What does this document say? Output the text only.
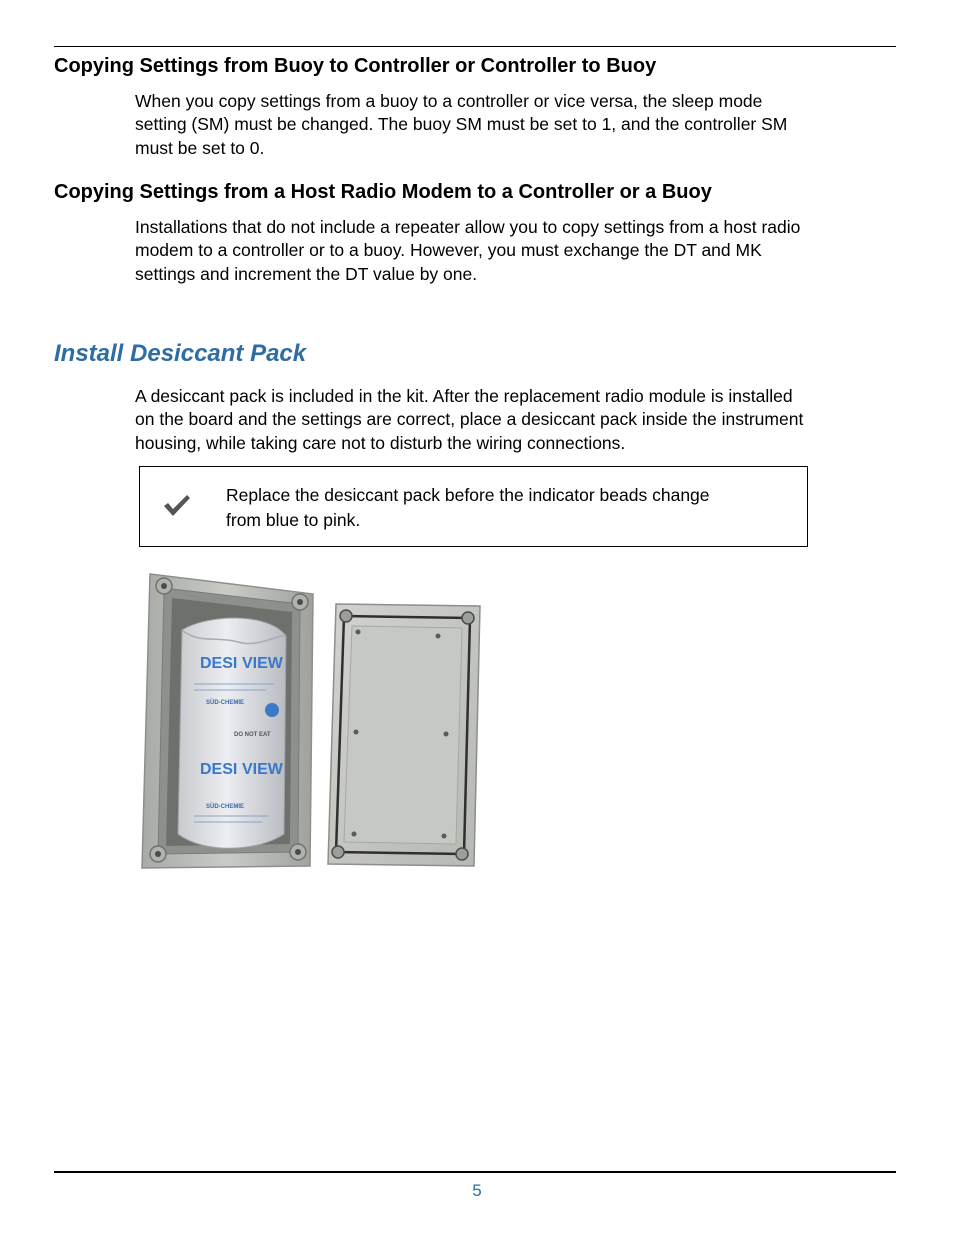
Copying Settings from Buoy to Controller or Controller to Buoy

When you copy settings from a buoy to a controller or vice versa, the sleep mode
setting (SM) must be changed. The buoy SM must be set to 1, and the controller SM
must be set to 0.

Copying Settings from a Host Radio Modem to a Controller or a Buoy

Installations that do not include a repeater allow you to copy settings from a host radio
modem to a controller or to a buoy. However, you must exchange the DT and MK
settings and increment the DT value by one.

Install Desiccant Pack

A desiccant pack is included in the kit. After the replacement radio module is installed
on the board and the settings are correct, place a desiccant pack inside the instrument
housing, while taking care not to disturb the wiring connections.

Replace the desiccant pack before the indicator beads change
from blue to pink.
DESI VIEW
SÜD-CHEMIE
DO NOT EAT
DESI VIEW
SÜD-CHEMIE
5
